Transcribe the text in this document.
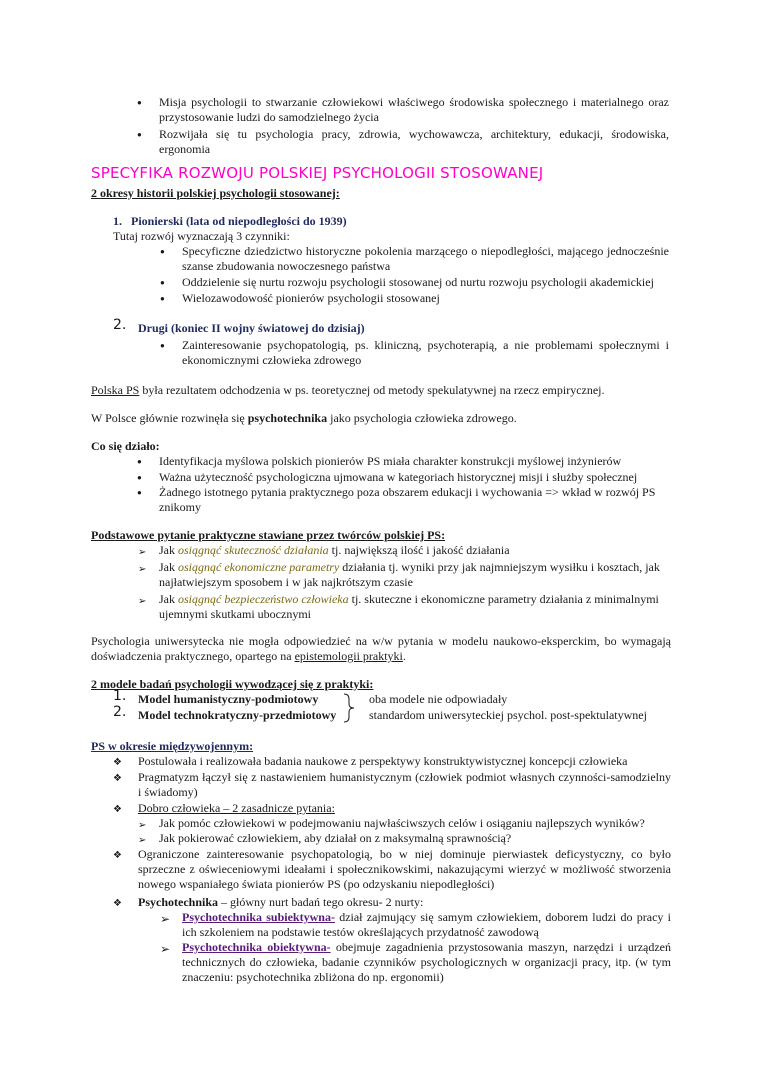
Misja psychologii to stwarzanie człowiekowi właściwego środowiska społecznego i materialnego oraz przystosowanie ludzi do samodzielnego życia
Rozwijała się tu psychologia pracy, zdrowia, wychowawcza, architektury, edukacji, środowiska, ergonomia
SPECYFIKA ROZWOJU POLSKIEJ PSYCHOLOGII STOSOWANEJ
2 okresy historii polskiej psychologii stosowanej:
1. Pionierski (lata od niepodległości do 1939)
Tutaj rozwój wyznaczają 3 czynniki:
Specyficzne dziedzictwo historyczne pokolenia marzącego o niepodległości, mającego jednocześnie szanse zbudowania nowoczesnego państwa
Oddzielenie się nurtu rozwoju psychologii stosowanej od nurtu rozwoju psychologii akademickiej
Wielozawodowość pionierów psychologii stosowanej
2. Drugi (koniec II wojny światowej do dzisiaj)
Zainteresowanie psychopatologią, ps. kliniczną, psychoterapią, a nie problemami społecznymi i ekonomicznymi człowieka zdrowego
Polska PS była rezultatem odchodzenia w ps. teoretycznej od metody spekulatywnej na rzecz empirycznej.
W Polsce głównie rozwinęła się psychotechnika jako psychologia człowieka zdrowego.
Co się działo:
Identyfikacja myślowa polskich pionierów PS miała charakter konstrukcji myślowej inżynierów
Ważna użyteczność psychologiczna ujmowana w kategoriach historycznej misji i służby społecznej
Żadnego istotnego pytania praktycznego poza obszarem edukacji i wychowania => wkład w rozwój PS znikomy
Podstawowe pytanie praktyczne stawiane przez twórców polskiej PS:
➢ Jak osiągnąć skuteczność działania tj. największą ilość i jakość działania
➢ Jak osiągnąć ekonomiczne parametry działania tj. wyniki przy jak najmniejszym wysiłku i kosztach, jak najłatwiejszym sposobem i w jak najkrótszym czasie
➢ Jak osiągnąć bezpieczeństwo człowieka tj. skuteczne i ekonomiczne parametry działania z minimalnymi ujemnymi skutkami ubocznymi
Psychologia uniwersytecka nie mogła odpowiedzieć na w/w pytania w modelu naukowo-eksperckim, bo wymagają doświadczenia praktycznego, opartego na epistemologii praktyki.
2 modele badań psychologii wywodzącej się z praktyki:
1. Model humanistyczny-podmiotowy	oba modele nie odpowiadały
2. Model technokratyczny-przedmiotowy	standardom uniwersyteckiej psychol. post-spektulatywnej
PS w okresie międzywojennym:
❖ Postulowała i realizowała badania naukowe z perspektywy konstruktywistycznej koncepcji człowieka
❖ Pragmatyzm łączył się z nastawieniem humanistycznym (człowiek podmiot własnych czynności-samodzielny i świadomy)
❖ Dobro człowieka – 2 zasadnicze pytania:
➢ Jak pomóc człowiekowi w podejmowaniu najwłaściwszych celów i osiąganiu najlepszych wyników?
➢ Jak pokierować człowiekiem, aby działał on z maksymalną sprawnością?
❖ Ograniczone zainteresowanie psychopatologią, bo w niej dominuje pierwiastek deficystyczny, co było sprzeczne z oświeceniowymi ideałami i społecznikowskimi, nakazującymi wierzyć w możliwość stworzenia nowego wspaniałego świata pionierów PS (po odzyskaniu niepodległości)
❖ Psychotechnika – główny nurt badań tego okresu- 2 nurty:
➢ Psychotechnika subiektywna- dział zajmujący się samym człowiekiem, doborem ludzi do pracy i ich szkoleniem na podstawie testów określających przydatność zawodową
➢ Psychotechnika obiektywna- obejmuje zagadnienia przystosowania maszyn, narzędzi i urządzeń technicznych do człowieka, badanie czynników psychologicznych w organizacji pracy, itp. (w tym znaczeniu: psychotechnika zbliżona do np. ergonomii)
